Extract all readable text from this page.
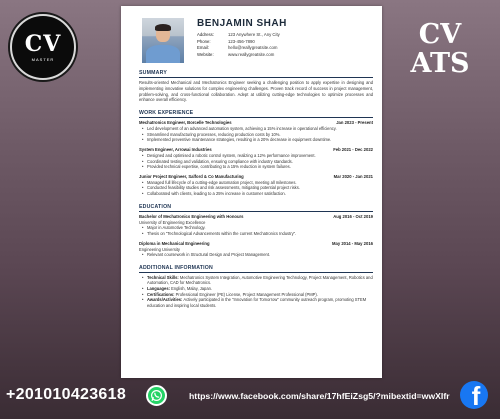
CV
MASTER
CV
ATS
BENJAMIN SHAH
Address:	123 Anywhere St., Any City
Phone:	123-456-7890
Email:	hello@reallygreatsite.com
Website:	www.reallygreatsite.com
SUMMARY
Results-oriented Mechanical and Mechatronics Engineer seeking a challenging position to apply expertise in designing and implementing innovative solutions for complex engineering challenges. Proven track record of success in project management, problem-solving, and cross-functional collaboration. Adept at utilizing cutting-edge technologies to optimize processes and enhance overall efficiency.
WORK EXPERIENCE
Mechatronics Engineer, Borcelle Technologies	Jan 2023 - Present
• Led development of an advanced automation system, achieving a 15% increase in operational efficiency.
• Streamlined manufacturing processes, reducing production costs by 10%.
• Implemented preventive maintenance strategies, resulting in a 20% decrease in equipment downtime.
System Engineer, Arrowai Industries	Feb 2021 - Dec 2022
• Designed and optimised a robotic control system, realizing a 12% performance improvement.
• Coordinated testing and validation, ensuring compliance with industry standards.
• Provided technical expertise, contributing to a 15% reduction in system failures.
Junior Project Engineer, Salford & Co Manufacturing	Mar 2020 - Jan 2021
• Managed full lifecycle of a cutting-edge automation project, meeting all milestones.
• Conducted feasibility studies and risk assessments, mitigating potential project risks.
• Collaborated with clients, leading to a 25% increase in customer satisfaction.
EDUCATION
Bachelor of Mechatronics Engineering with Honours	Aug 2016 - Oct 2019
University of Engineering Excellence
• Major in Automotive Technology.
• Thesis on "Technological Advancements within the current Mechatronics Industry".
Diploma in Mechanical Engineering	May 2014 - May 2016
Engineering University
• Relevant coursework in Structural Design and Project Management.
ADDITIONAL INFORMATION
• Technical Skills: Mechatronics System Integration, Automotive Engineering Technology, Project Management, Robotics and Automation, CAD for Mechatronics.
• Languages: English, Malay, Japan.
• Certifications: Professional Engineer (PE) License, Project Management Professional (PMP).
• Awards/Activities: Actively participated in the "Innovation for Tomorrow" community outreach program, promoting STEM education and inspiring local students.
+201010423618	https://www.facebook.com/share/17hfEiZsg5/?mibextid=wwXIfr f
